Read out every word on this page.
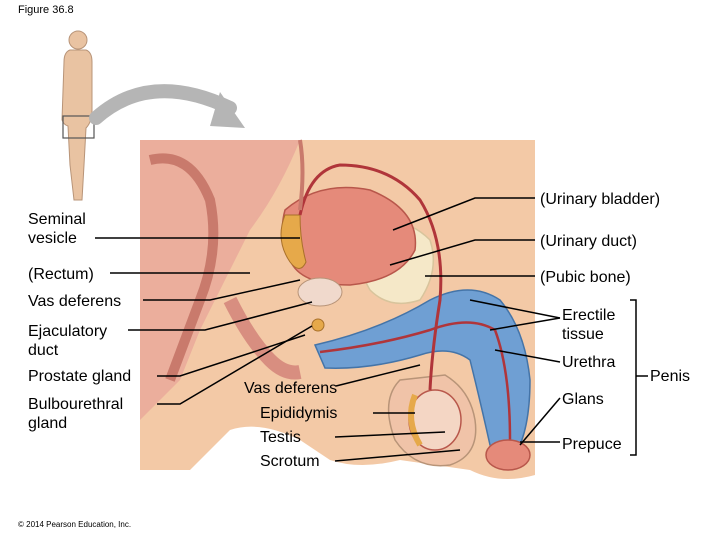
Figure 36.8
Seminal vesicle
(Rectum)
Vas deferens
Ejaculatory duct
Prostate gland
Bulbourethral gland
(Urinary bladder)
(Urinary duct)
(Pubic bone)
Erectile tissue
Urethra
Penis
Glans
Prepuce
Vas deferens
Epididymis
Testis
Scrotum
© 2014 Pearson Education, Inc.
